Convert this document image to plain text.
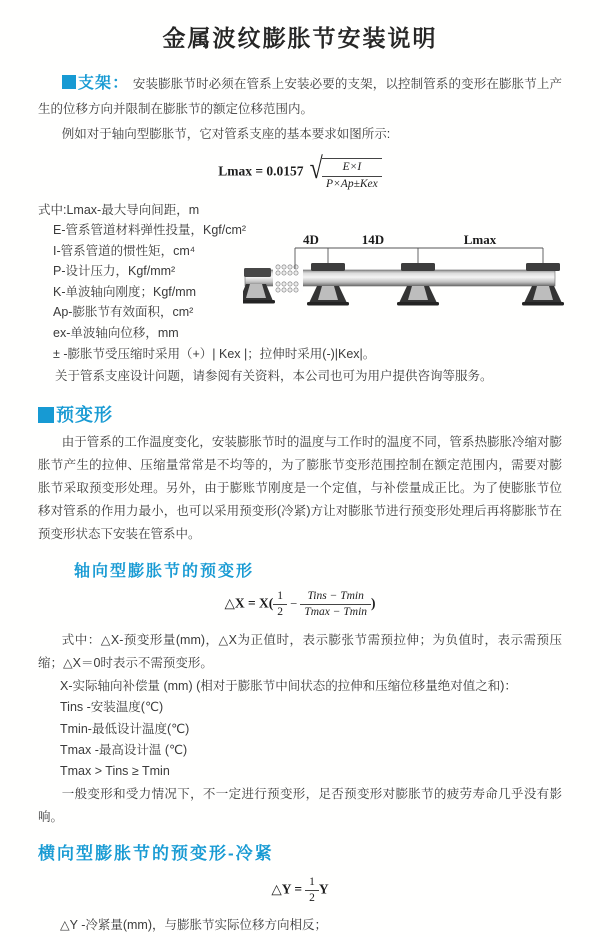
金属波纹膨胀节安装说明

支架： 安装膨胀节时必须在管系上安装必要的支架，以控制管系的变形在膨胀节上产生的位移方向并限制在膨胀节的额定位移范围内。

例如对于轴向型膨胀节，它对管系支座的基本要求如图所示:

Lmax = 0.0157 √ $\frac{E\times I}{\text{P×Ap±Kex}}$
式中:Lmax-最大导向间距，m
E-管系管道材料弹性投量，Kgf/cm²
I-管系管道的惯性矩，cm⁴
P-设计压力，Kgf/mm²
K-单波轴向刚度；Kgf/mm
Ap-膨胀节有效面积，cm²
ex-单波轴向位移，mm
4D	14D	Lmax
± -膨胀节受压缩时采用（+）| Kex |；拉伸时采用(-)|Kex|。
关于管系支座设计问题，请参阅有关资料，本公司也可为用户提供咨询等服务。
预变形

由于管系的工作温度变化，安装膨胀节时的温度与工作时的温度不同，管系热膨胀冷缩对膨胀节产生的拉伸、压缩量常常是不均等的，为了膨胀节变形范围控制在额定范围内，需要对膨胀节采取预变形处理。另外，由于膨账节刚度是一个定值，与补偿量成正比。为了使膨胀节位移对管系的作用力最小，也可以采用预变形(冷紧)方让对膨胀节进行预变形处理后再将膨胀节在预变形状态下安装在管系中。

轴向型膨胀节的预变形
△X = $X( \frac{1}{2} - \frac{\text{Tins − Tmin}}{Tmax - Tmin}$ )

式中：△X-预变形量(mm)，△X为正值时，表示膨张节需预拉伸；为负值时，表示需预压缩；△X＝0时表示不需预变形。

X-实际轴向补偿量 (mm) (相对于膨胀节中间状态的拉伸和压缩位移量绝对值之和)：
Tins -安装温度(℃)
Tmin-最低设计温度(℃)
Tmax -最高设计温 (℃)
Tmax > Tins ≥ Tmin

一般变形和受力情况下，不一定进行预变形，足否预变形对膨胀节的疲劳寿命几乎没有影响。

横向型膨胀节的预变形-冷紧
△Y = $\frac{1}{2}$ Y
△Y -冷紧量(mm)，与膨胀节实际位移方向相反；
